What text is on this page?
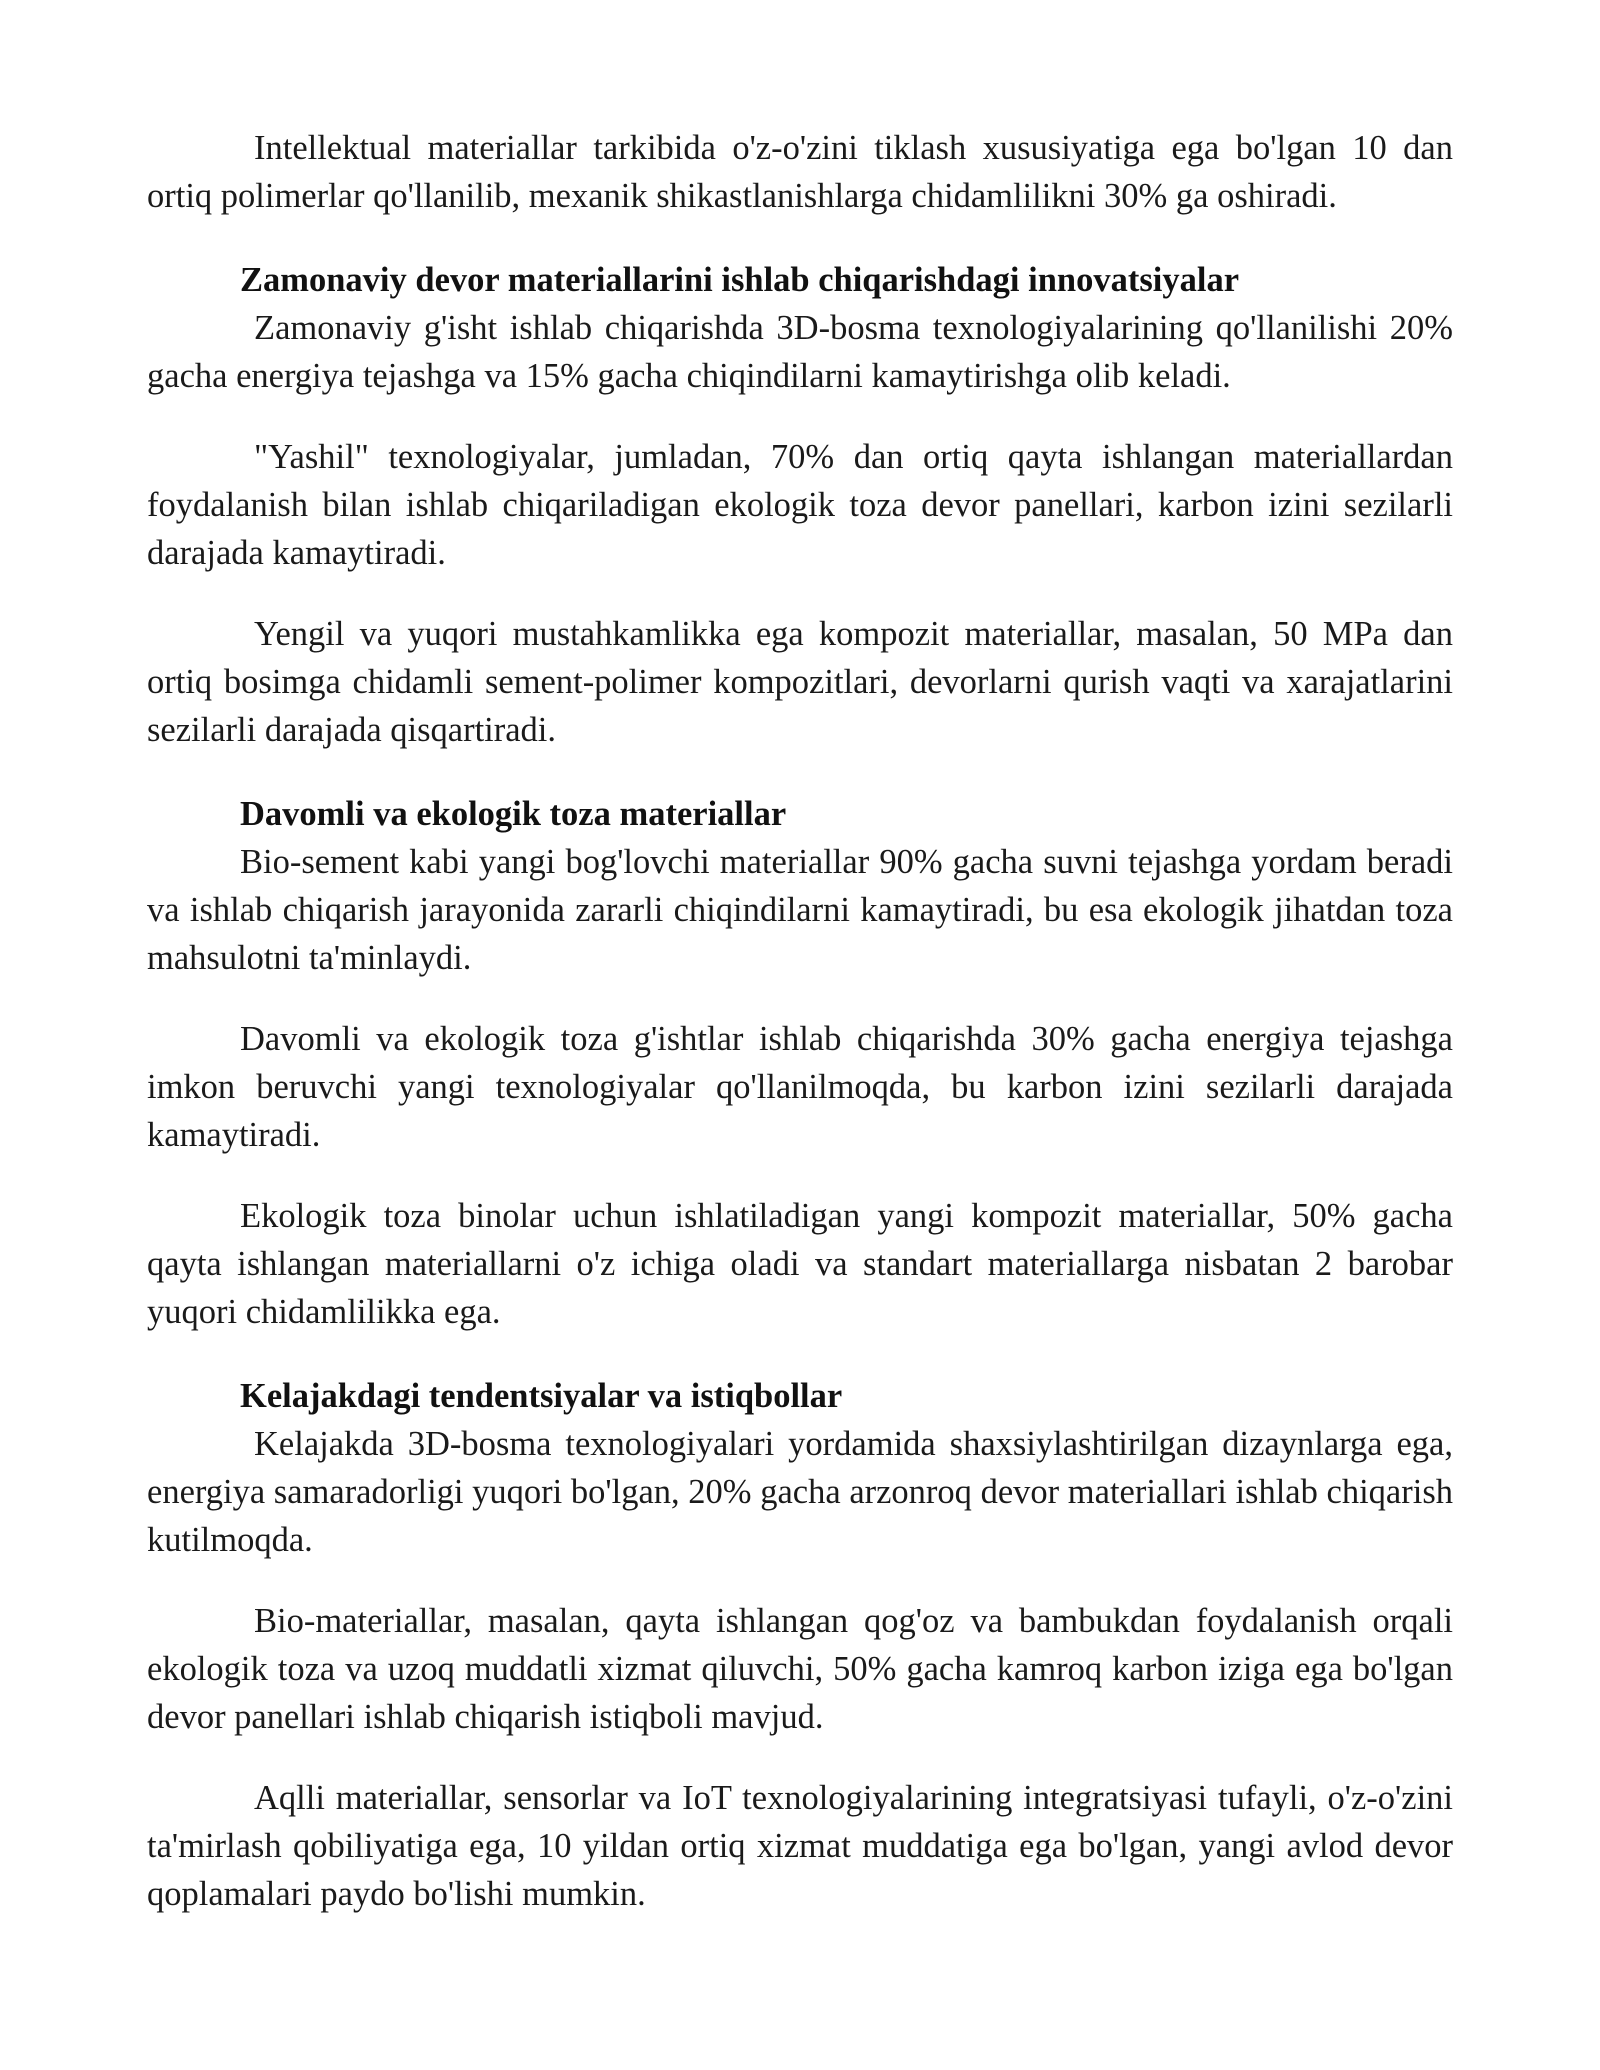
Intellektual materiallar tarkibida o'z-o'zini tiklash xususiyatiga ega bo'lgan 10 dan ortiq polimerlar qo'llanilib, mexanik shikastlanishlarga chidamlilikni 30% ga oshiradi.

Zamonaviy devor materiallarini ishlab chiqarishdagi innovatsiyalar

Zamonaviy g'isht ishlab chiqarishda 3D-bosma texnologiyalarining qo'llanilishi 20% gacha energiya tejashga va 15% gacha chiqindilarni kamaytirishga olib keladi.

"Yashil" texnologiyalar, jumladan, 70% dan ortiq qayta ishlangan materiallardan foydalanish bilan ishlab chiqariladigan ekologik toza devor panellari, karbon izini sezilarli darajada kamaytiradi.

Yengil va yuqori mustahkamlikka ega kompozit materiallar, masalan, 50 MPa dan ortiq bosimga chidamli sement-polimer kompozitlari, devorlarni qurish vaqti va xarajatlarini sezilarli darajada qisqartiradi.

Davomli va ekologik toza materiallar

Bio-sement kabi yangi bog'lovchi materiallar 90% gacha suvni tejashga yordam beradi va ishlab chiqarish jarayonida zararli chiqindilarni kamaytiradi, bu esa ekologik jihatdan toza mahsulotni ta'minlaydi.

Davomli va ekologik toza g'ishtlar ishlab chiqarishda 30% gacha energiya tejashga imkon beruvchi yangi texnologiyalar qo'llanilmoqda, bu karbon izini sezilarli darajada kamaytiradi.

Ekologik toza binolar uchun ishlatiladigan yangi kompozit materiallar, 50% gacha qayta ishlangan materiallarni o'z ichiga oladi va standart materiallarga nisbatan 2 barobar yuqori chidamlilikka ega.

Kelajakdagi tendentsiyalar va istiqbollar

Kelajakda 3D-bosma texnologiyalari yordamida shaxsiylashtirilgan dizaynlarga ega, energiya samaradorligi yuqori bo'lgan, 20% gacha arzonroq devor materiallari ishlab chiqarish kutilmoqda.

Bio-materiallar, masalan, qayta ishlangan qog'oz va bambukdan foydalanish orqali ekologik toza va uzoq muddatli xizmat qiluvchi, 50% gacha kamroq karbon iziga ega bo'lgan devor panellari ishlab chiqarish istiqboli mavjud.

Aqlli materiallar, sensorlar va IoT texnologiyalarining integratsiyasi tufayli, o'z-o'zini ta'mirlash qobiliyatiga ega, 10 yildan ortiq xizmat muddatiga ega bo'lgan, yangi avlod devor qoplamalari paydo bo'lishi mumkin.
